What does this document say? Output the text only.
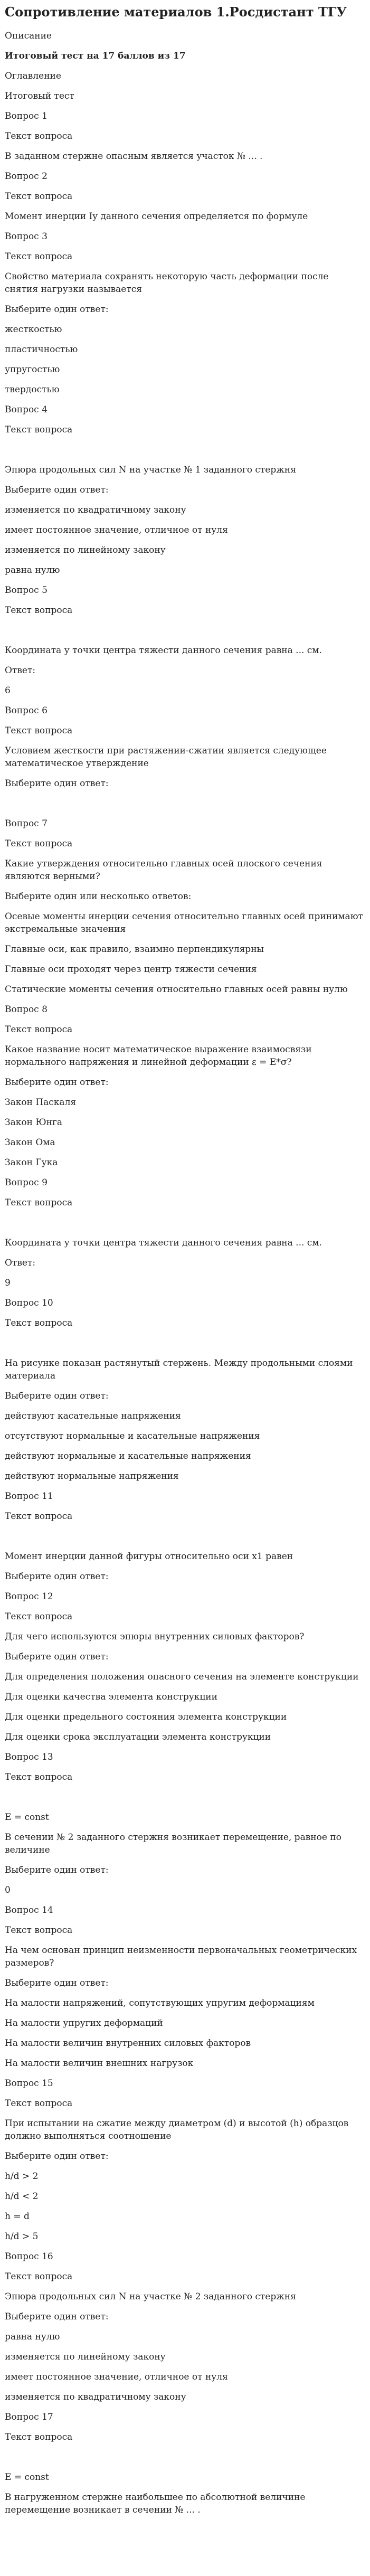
Сопротивление материалов 1.Росдистант ТГУ
Описание
Итоговый тест на 17 баллов из 17
Оглавление
Итоговый тест
Вопрос 1
Текст вопроса
В заданном стержне опасным является участок № ... .
Вопрос 2
Текст вопроса
Момент инерции Iy данного сечения определяется по формуле
Вопрос 3
Текст вопроса
Свойство материала сохранять некоторую часть деформации после снятия нагрузки называется
Выберите один ответ:
жесткостью
пластичностью
упругостью
твердостью
Вопрос 4
Текст вопроса
Эпюра продольных сил N на участке № 1 заданного стержня
Выберите один ответ:
изменяется по квадратичному закону
имеет постоянное значение, отличное от нуля
изменяется по линейному закону
равна нулю
Вопрос 5
Текст вопроса
Координата у точки центра тяжести данного сечения равна ... см.
Ответ:
6
Вопрос 6
Текст вопроса
Условием жесткости при растяжении-сжатии является следующее математическое утверждение
Выберите один ответ:
Вопрос 7
Текст вопроса
Какие утверждения относительно главных осей плоского сечения являются верными?
Выберите один или несколько ответов:
Осевые моменты инерции сечения относительно главных осей принимают экстремальные значения
Главные оси, как правило, взаимно перпендикулярны
Главные оси проходят через центр тяжести сечения
Статические моменты сечения относительно главных осей равны нулю
Вопрос 8
Текст вопроса
Какое название носит математическое выражение взаимосвязи нормального напряжения и линейной деформации ε = E*σ?
Выберите один ответ:
Закон Паскаля
Закон Юнга
Закон Ома
Закон Гука
Вопрос 9
Текст вопроса
Координата у точки центра тяжести данного сечения равна ... см.
Ответ:
9
Вопрос 10
Текст вопроса
На рисунке показан растянутый стержень. Между продольными слоями материала
Выберите один ответ:
действуют касательные напряжения
отсутствуют нормальные и касательные напряжения
действуют нормальные и касательные напряжения
действуют нормальные напряжения
Вопрос 11
Текст вопроса
Момент инерции данной фигуры относительно оси x1 равен
Выберите один ответ:
Вопрос 12
Текст вопроса
Для чего используются эпюры внутренних силовых факторов?
Выберите один ответ:
Для определения положения опасного сечения на элементе конструкции
Для оценки качества элемента конструкции
Для оценки предельного состояния элемента конструкции
Для оценки срока эксплуатации элемента конструкции
Вопрос 13
Текст вопроса
E = const
В сечении № 2 заданного стержня возникает перемещение, равное по величине
Выберите один ответ:
0
Вопрос 14
Текст вопроса
На чем основан принцип неизменности первоначальных геометрических размеров?
Выберите один ответ:
На малости напряжений, сопутствующих упругим деформациям
На малости упругих деформаций
На малости величин внутренних силовых факторов
На малости величин внешних нагрузок
Вопрос 15
Текст вопроса
При испытании на сжатие между диаметром (d) и высотой (h) образцов должно выполняться соотношение
Выберите один ответ:
h/d > 2
h/d < 2
h = d
h/d > 5
Вопрос 16
Текст вопроса
Эпюра продольных сил N на участке № 2 заданного стержня
Выберите один ответ:
равна нулю
изменяется по линейному закону
имеет постоянное значение, отличное от нуля
изменяется по квадратичному закону
Вопрос 17
Текст вопроса
E = const
В нагруженном стержне наибольшее по абсолютной величине перемещение возникает в сечении № ... .
